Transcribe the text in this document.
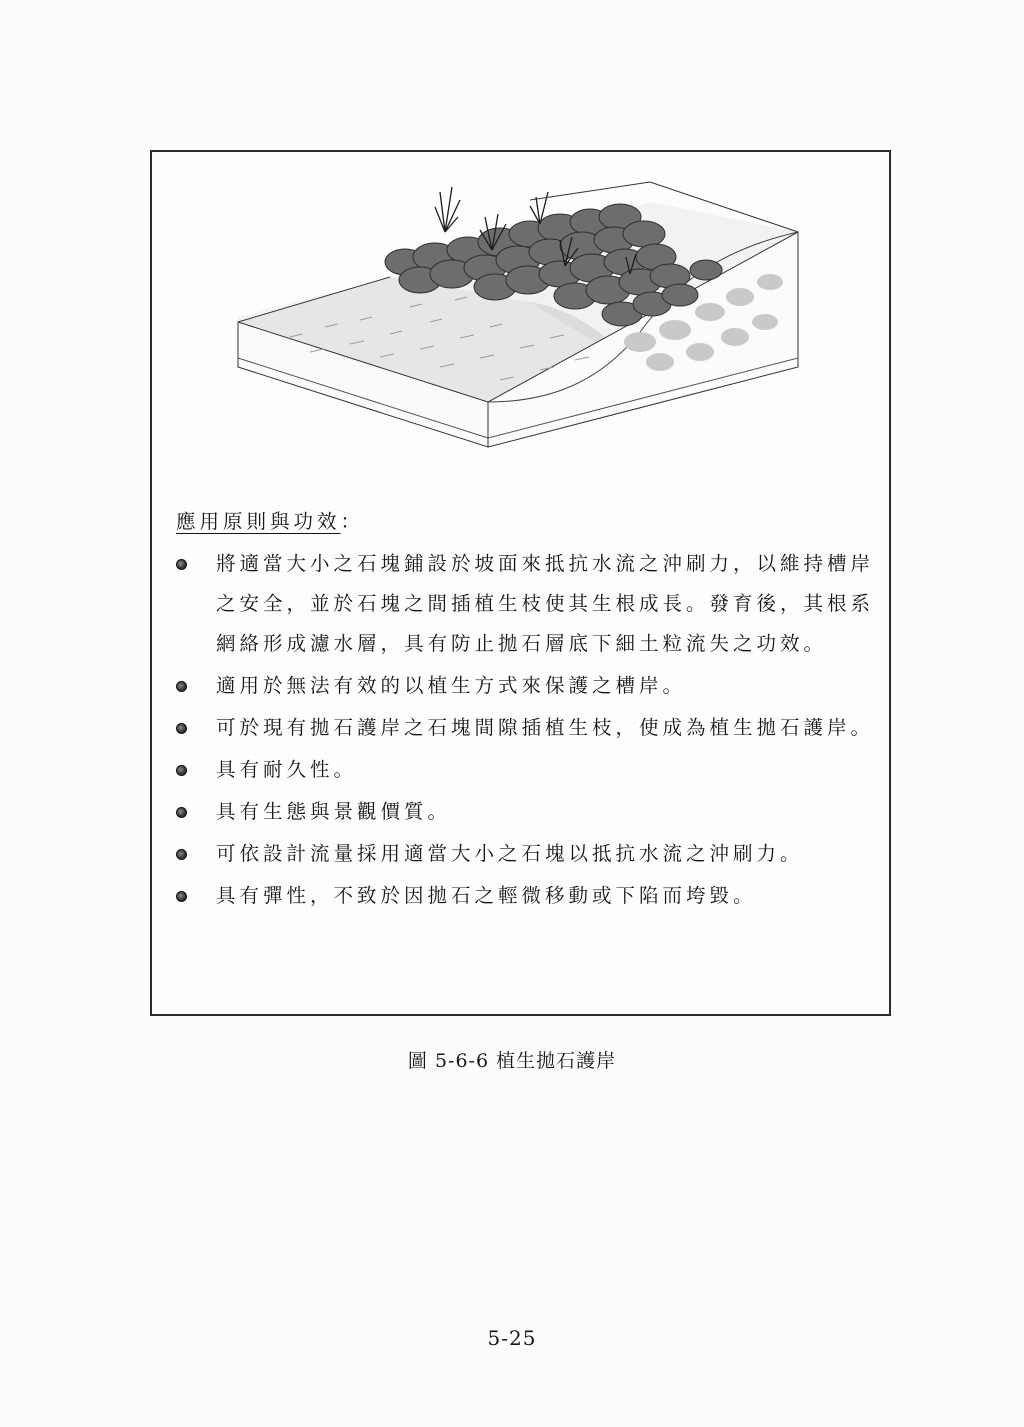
應用原則與功效：
將適當大小之石塊鋪設於坡面來抵抗水流之沖刷力，以維持槽岸之安全，並於石塊之間插植生枝使其生根成長。發育後，其根系網絡形成濾水層，具有防止拋石層底下細土粒流失之功效。
適用於無法有效的以植生方式來保護之槽岸。
可於現有拋石護岸之石塊間隙插植生枝，使成為植生拋石護岸。
具有耐久性。
具有生態與景觀價質。
可依設計流量採用適當大小之石塊以抵抗水流之沖刷力。
具有彈性，不致於因拋石之輕微移動或下陷而垮毀。
圖 5-6-6 植生拋石護岸
5-25
